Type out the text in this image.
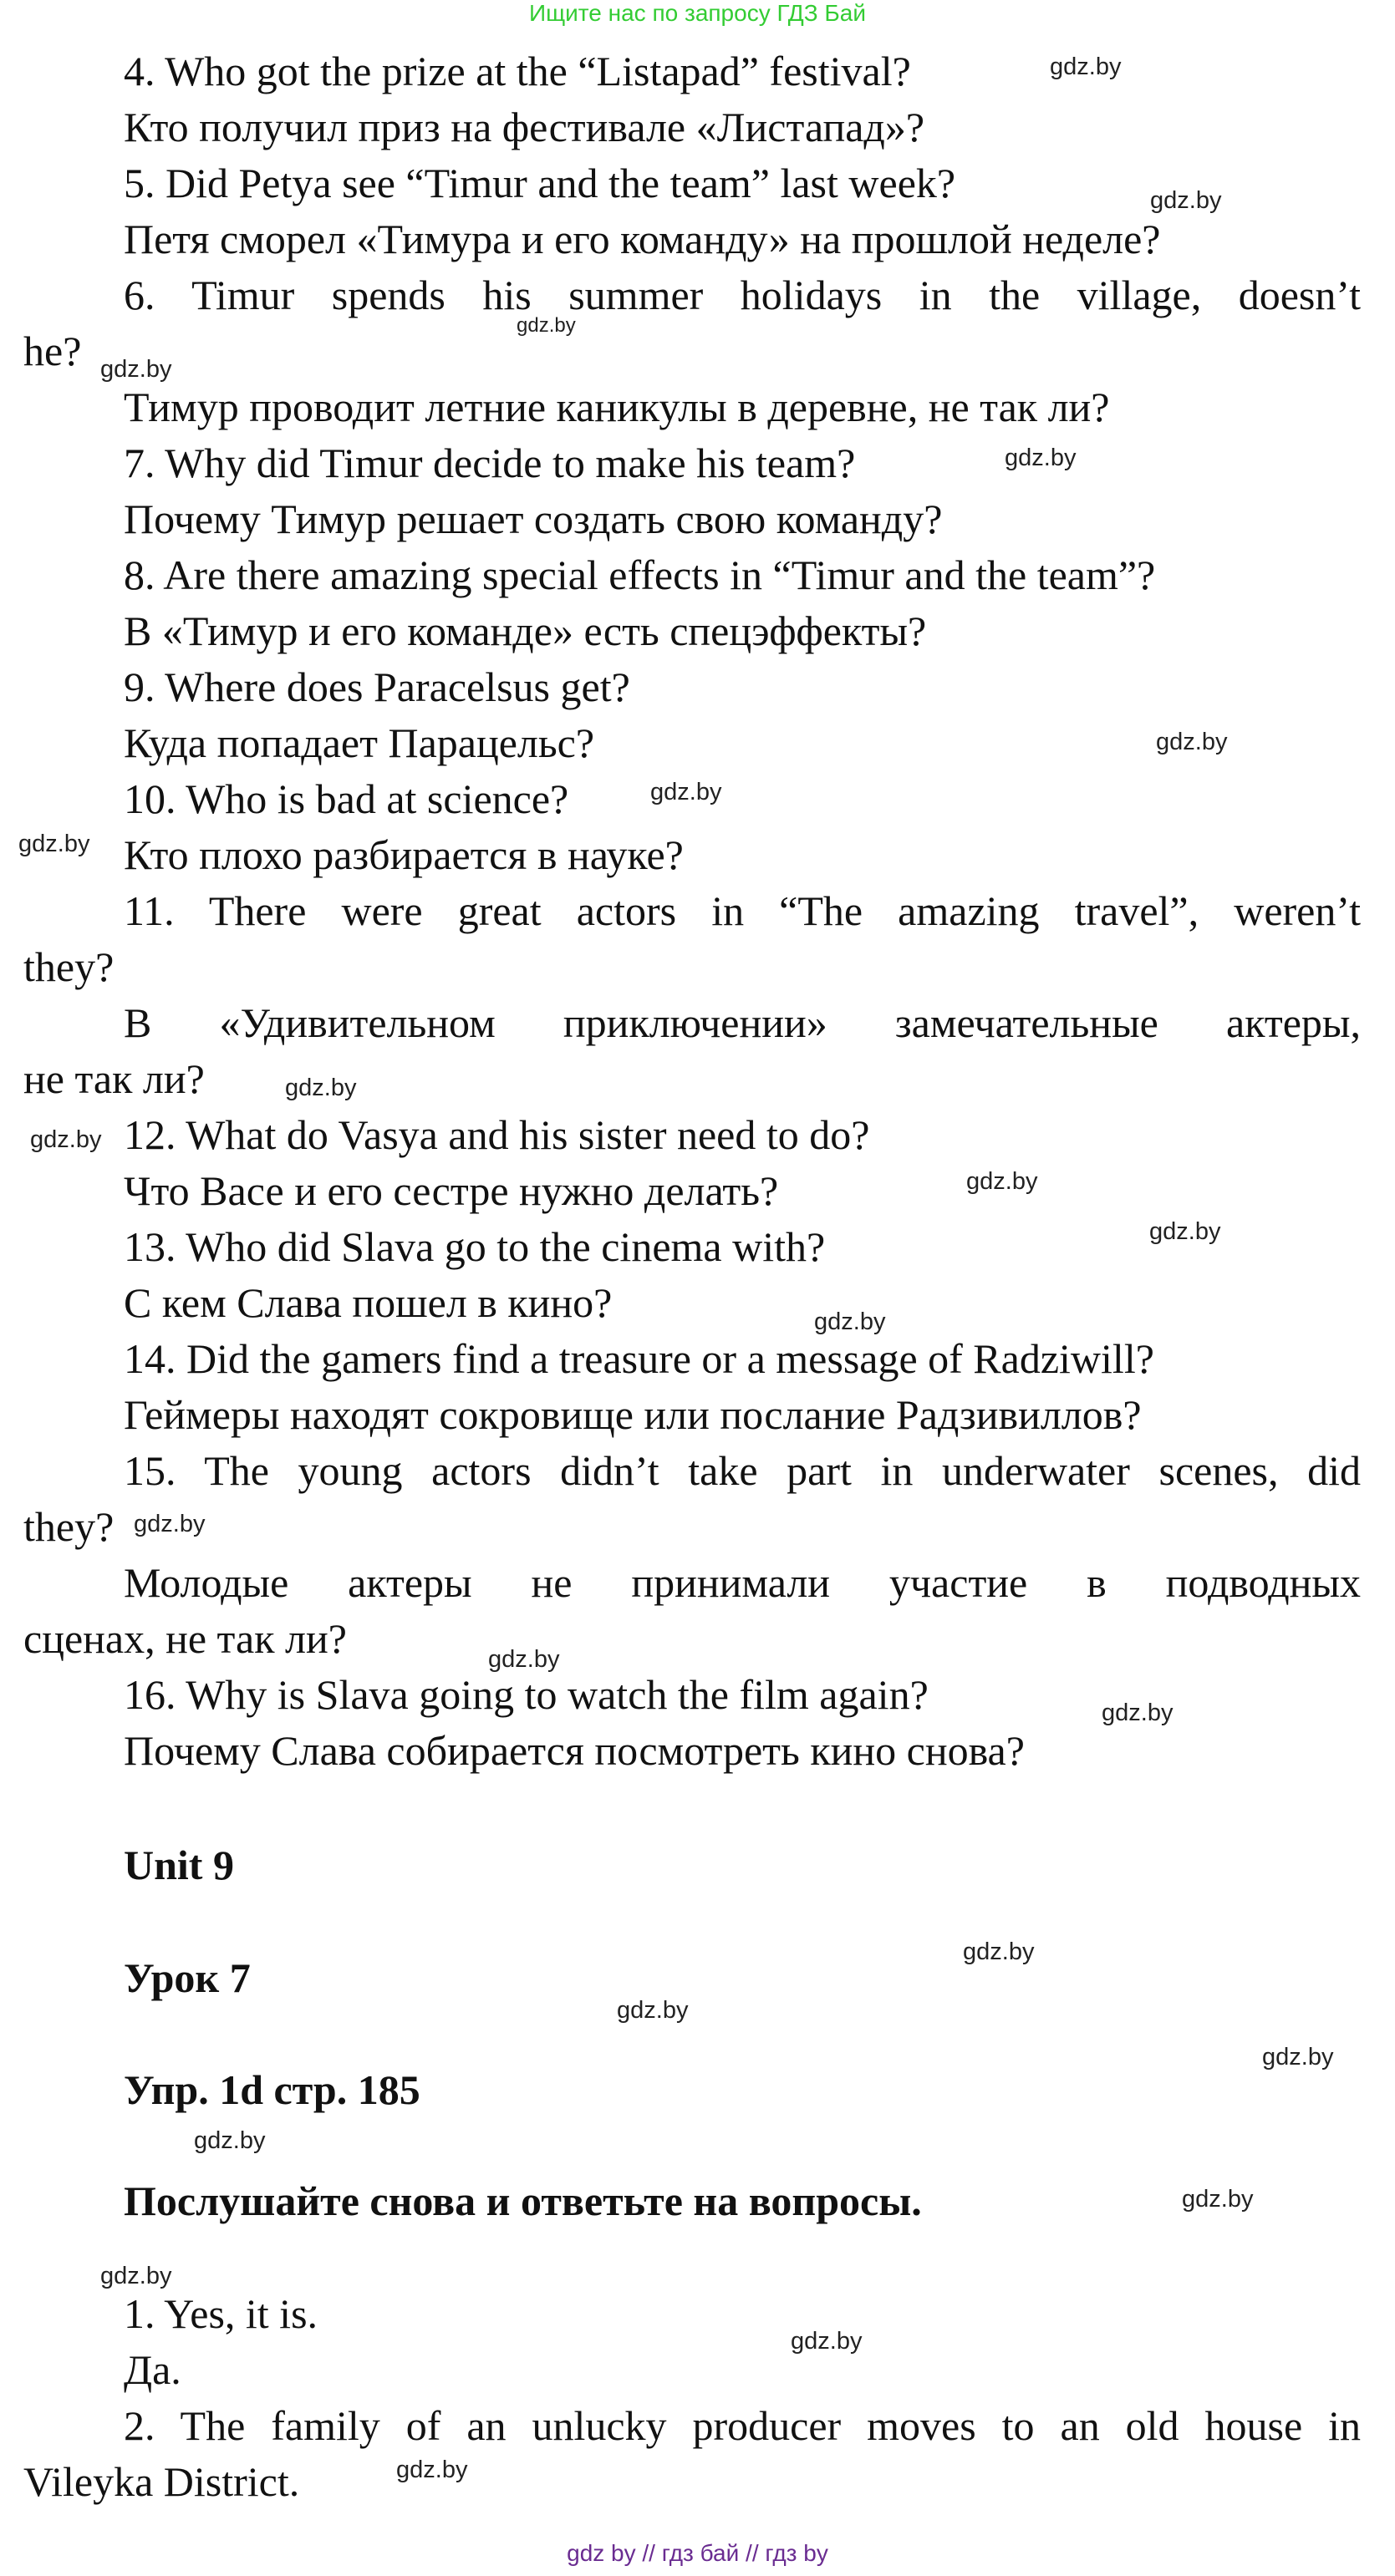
Ищите нас по запросу ГДЗ Бай
4. Who got the prize at the “Listapad” festival?
Кто получил приз на фестивале «Листапад»?
5. Did Petya see “Timur and the team” last week?
Петя сморел «Тимура и его команду» на прошлой неделе?
6. Timur spends his summer holidays in the village, doesn’t
he?
Тимур проводит летние каникулы в деревне, не так ли?
7. Why did Timur decide to make his team?
Почему Тимур решает создать свою команду?
8. Are there amazing special effects in “Timur and the team”?
В «Тимур и его команде» есть спецэффекты?
9. Where does Paracelsus get?
Куда попадает Парацельс?
10. Who is bad at science?
Кто плохо разбирается в науке?
11. There were great actors in “The amazing travel”, weren’t
they?
В «Удивительном приключении» замечательные актеры,
не так ли?
12. What do Vasya and his sister need to do?
Что Васе и его сестре нужно делать?
13. Who did Slava go to the cinema with?
С кем Слава пошел в кино?
14. Did the gamers find a treasure or a message of Radziwill?
Геймеры находят сокровище или послание Радзивиллов?
15. The young actors didn’t take part in underwater scenes, did
they?
Молодые актеры не принимали участие в подводных
сценах, не так ли?
16. Why is Slava going to watch the film again?
Почему Слава собирается посмотреть кино снова?
Unit 9
Урок 7
Упр. 1d стр. 185
Послушайте снова и ответьте на вопросы.
1. Yes, it is.
Да.
2. The family of an unlucky producer moves to an old house in
Vileyka District.
gdz.by
gdz.by
gdz.by
gdz.by
gdz.by
gdz.by
gdz.by
gdz.by
gdz.by
gdz.by
gdz.by
gdz.by
gdz.by
gdz.by
gdz.by
gdz.by
gdz.by
gdz.by
gdz.by
gdz.by
gdz.by
gdz.by
gdz.by
gdz.by
gdz by // гдз бай // гдз by
